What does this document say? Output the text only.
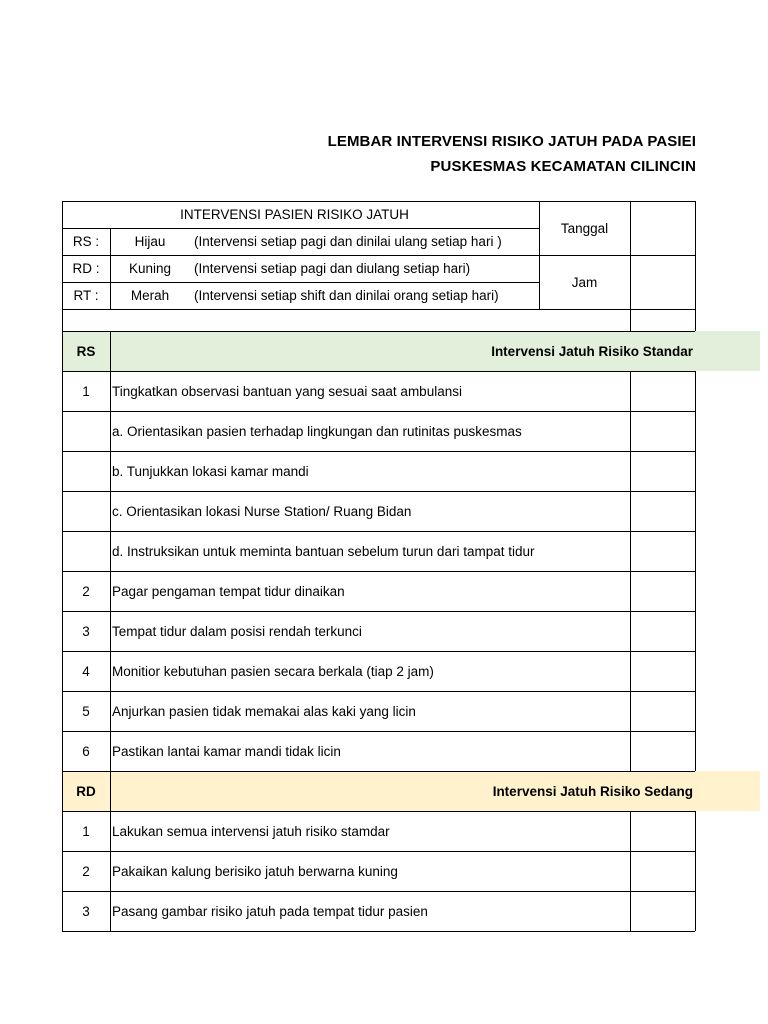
LEMBAR INTERVENSI RISIKO JATUH PADA PASIEI
PUSKESMAS KECAMATAN CILINCIN
INTERVENSI PASIEN RISIKO JATUH
Tanggal
Jam
RS :	Hijau	(Intervensi setiap pagi dan dinilai ulang setiap hari )
RD :	Kuning	(Intervensi setiap pagi dan diulang setiap hari)
RT :	Merah	(Intervensi setiap shift dan dinilai orang setiap hari)
RS	Intervensi Jatuh Risiko Standar
1	Tingkatkan observasi bantuan yang sesuai saat ambulansi
a. Orientasikan pasien terhadap lingkungan dan rutinitas puskesmas
b. Tunjukkan lokasi kamar mandi
c. Orientasikan lokasi Nurse Station/ Ruang Bidan
d. Instruksikan untuk meminta bantuan sebelum turun dari tampat tidur
2	Pagar pengaman tempat tidur dinaikan
3	Tempat tidur dalam posisi rendah terkunci
4	Monitior kebutuhan pasien secara berkala (tiap 2 jam)
5	Anjurkan pasien tidak memakai alas kaki yang licin
6	Pastikan lantai kamar mandi tidak licin
RD	Intervensi Jatuh Risiko Sedang
1	Lakukan semua intervensi jatuh risiko stamdar
2	Pakaikan kalung berisiko jatuh berwarna kuning
3	Pasang gambar risiko jatuh pada tempat tidur pasien
